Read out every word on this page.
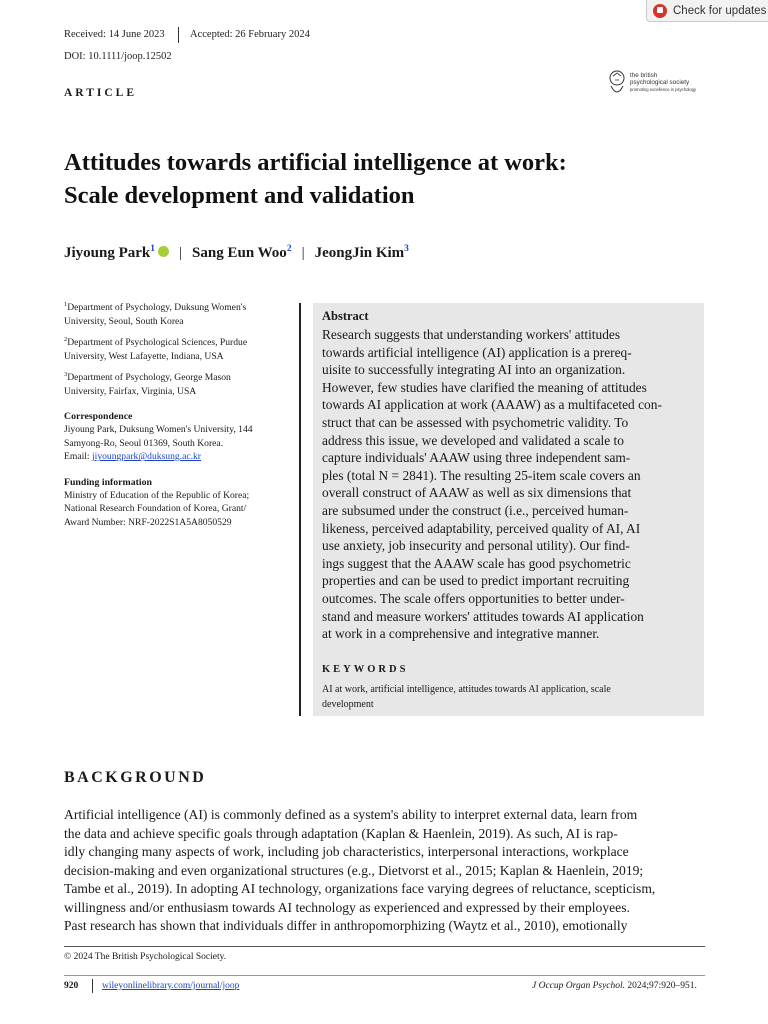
Check for updates
Received: 14 June 2023 Accepted: 26 February 2024
DOI: 10.1111/joop.12502
the british
psychological society
promoting excellence in psychology
ARTICLE
Attitudes towards artificial intelligence at work:
Scale development and validation
Jiyoung Park$^1$ | Sang Eun Woo$^2$ | JeongJin Kim$^3$
$^1$Department of Psychology, Duksung Women's
University, Seoul, South Korea
$^2$Department of Psychological Sciences, Purdue
University, West Lafayette, Indiana, USA
$^3$Department of Psychology, George Mason
University, Fairfax, Virginia, USA
Correspondence
Jiyoung Park, Duksung Women's University, 144
Samyong-Ro, Seoul 01369, South Korea.
Email: jiyoungpark@duksung.ac.kr
Funding information
Ministry of Education of the Republic of Korea;
National Research Foundation of Korea, Grant/
Award Number: NRF-2022S1A5A8050529
Abstract
Research suggests that understanding workers' attitudes
towards artificial intelligence (AI) application is a prereq-
uisite to successfully integrating AI into an organization.
However, few studies have clarified the meaning of attitudes
towards AI application at work (AAAW) as a multifaceted con-
struct that can be assessed with psychometric validity. To
address this issue, we developed and validated a scale to
capture individuals' AAAW using three independent sam-
ples (total N = 2841). The resulting 25-item scale covers an
overall construct of AAAW as well as six dimensions that
are subsumed under the construct (i.e., perceived human-
likeness, perceived adaptability, perceived quality of AI, AI
use anxiety, job insecurity and personal utility). Our find-
ings suggest that the AAAW scale has good psychometric
properties and can be used to predict important recruiting
outcomes. The scale offers opportunities to better under-
stand and measure workers' attitudes towards AI application
at work in a comprehensive and integrative manner.
KEYWORDS
AI at work, artificial intelligence, attitudes towards AI application, scale
development
BACKGROUND
Artificial intelligence (AI) is commonly defined as a system's ability to interpret external data, learn from
the data and achieve specific goals through adaptation (Kaplan & Haenlein, 2019). As such, AI is rap-
idly changing many aspects of work, including job characteristics, interpersonal interactions, workplace
decision-making and even organizational structures (e.g., Dietvorst et al., 2015; Kaplan & Haenlein, 2019;
Tambe et al., 2019). In adopting AI technology, organizations face varying degrees of reluctance, scepticism,
willingness and/or enthusiasm towards AI technology as experienced and expressed by their employees.
Past research has shown that individuals differ in anthropomorphizing (Waytz et al., 2010), emotionally
© 2024 The British Psychological Society.
920	wileyonlinelibrary.com/journal/joop	J Occup Organ Psychol. 2024;97:920–951.
